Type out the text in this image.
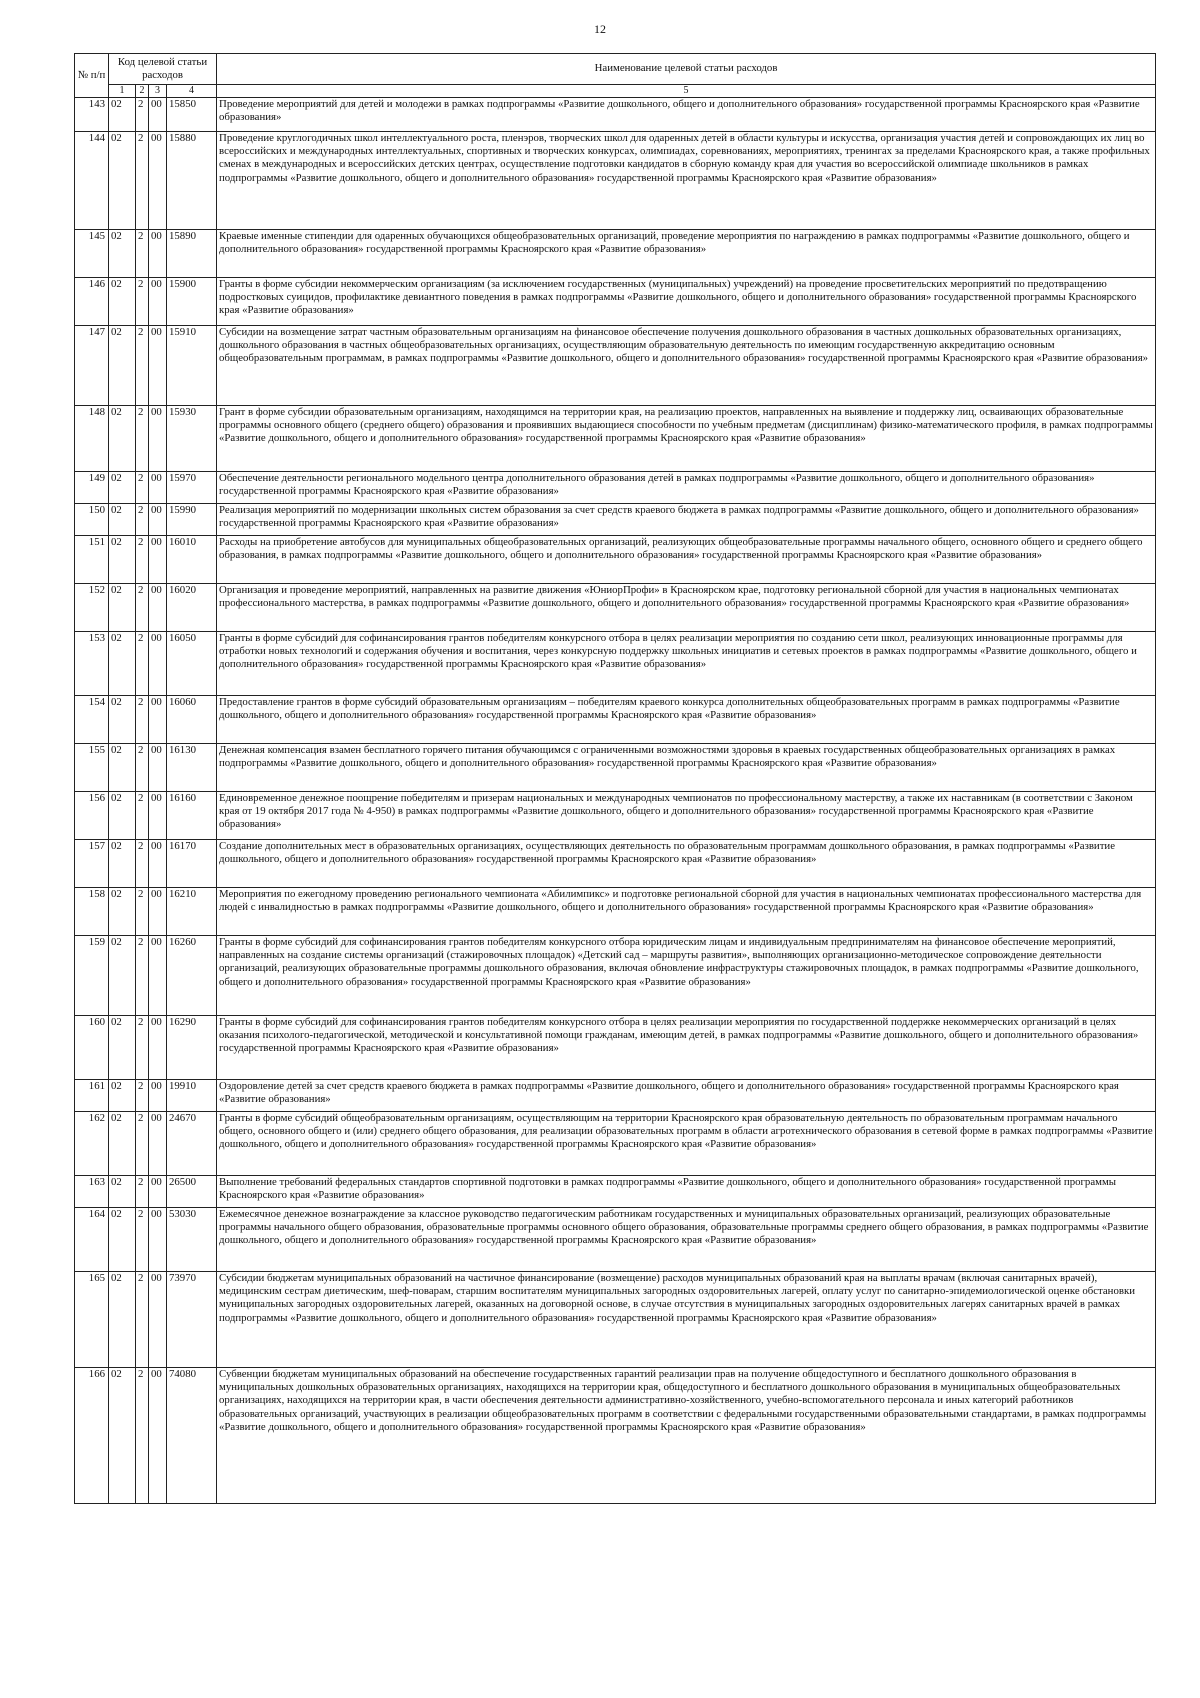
12
№ п/п	Код целевой статьи расходов				Наименование целевой статьи расходов
	1	2	3	4	5
143	02	2	00	15850	Проведение мероприятий для детей и молодежи в рамках подпрограммы «Развитие дошкольного, общего и дополнительного образования» государственной программы Красноярского края «Развитие образования»
144	02	2	00	15880	Проведение круглогодичных школ интеллектуального роста, пленэров, творческих школ для одаренных детей в области культуры и искусства, организация участия детей и сопровождающих их лиц во всероссийских и международных интеллектуальных, спортивных и творческих конкурсах, олимпиадах, соревнованиях, мероприятиях, тренингах за пределами Красноярского края, а также профильных сменах в международных и всероссийских детских центрах, осуществление подготовки кандидатов в сборную команду края для участия во всероссийской олимпиаде школьников в рамках подпрограммы «Развитие дошкольного, общего и дополнительного образования» государственной программы Красноярского края «Развитие образования»
145	02	2	00	15890	Краевые именные стипендии для одаренных обучающихся общеобразовательных организаций, проведение мероприятия по награждению в рамках подпрограммы «Развитие дошкольного, общего и дополнительного образования» государственной программы Красноярского края «Развитие образования»
146	02	2	00	15900	Гранты в форме субсидии некоммерческим организациям (за исключением государственных (муниципальных) учреждений) на проведение просветительских мероприятий по предотвращению подростковых суицидов, профилактике девиантного поведения в рамках подпрограммы «Развитие дошкольного, общего и дополнительного образования» государственной программы Красноярского края «Развитие образования»
147	02	2	00	15910	Субсидии на возмещение затрат частным образовательным организациям на финансовое обеспечение получения дошкольного образования в частных дошкольных образовательных организациях, дошкольного образования в частных общеобразовательных организациях, осуществляющим образовательную деятельность по имеющим государственную аккредитацию основным общеобразовательным программам, в рамках подпрограммы «Развитие дошкольного, общего и дополнительного образования» государственной программы Красноярского края «Развитие образования»
148	02	2	00	15930	Грант в форме субсидии образовательным организациям, находящимся на территории края, на реализацию проектов, направленных на выявление и поддержку лиц, осваивающих образовательные программы основного общего (среднего общего) образования и проявивших выдающиеся способности по учебным предметам (дисциплинам) физико-математического профиля, в рамках подпрограммы «Развитие дошкольного, общего и дополнительного образования» государственной программы Красноярского края «Развитие образования»
149	02	2	00	15970	Обеспечение деятельности регионального модельного центра дополнительного образования детей в рамках подпрограммы «Развитие дошкольного, общего и дополнительного образования» государственной программы Красноярского края «Развитие образования»
150	02	2	00	15990	Реализация мероприятий по модернизации школьных систем образования за счет средств краевого бюджета в рамках подпрограммы «Развитие дошкольного, общего и дополнительного образования» государственной программы Красноярского края «Развитие образования»
151	02	2	00	16010	Расходы на приобретение автобусов для муниципальных общеобразовательных организаций, реализующих общеобразовательные программы начального общего, основного общего и среднего общего образования, в рамках подпрограммы «Развитие дошкольного, общего и дополнительного образования» государственной программы Красноярского края «Развитие образования»
152	02	2	00	16020	Организация и проведение мероприятий, направленных на развитие движения «ЮниорПрофи» в Красноярском крае, подготовку региональной сборной для участия в национальных чемпионатах профессионального мастерства, в рамках подпрограммы «Развитие дошкольного, общего и дополнительного образования» государственной программы Красноярского края «Развитие образования»
153	02	2	00	16050	Гранты в форме субсидий для софинансирования грантов победителям конкурсного отбора в целях реализации мероприятия по созданию сети школ, реализующих инновационные программы для отработки новых технологий и содержания обучения и воспитания, через конкурсную поддержку школьных инициатив и сетевых проектов в рамках подпрограммы «Развитие дошкольного, общего и дополнительного образования» государственной программы Красноярского края «Развитие образования»
154	02	2	00	16060	Предоставление грантов в форме субсидий образовательным организациям – победителям краевого конкурса дополнительных общеобразовательных программ в рамках подпрограммы «Развитие дошкольного, общего и дополнительного образования» государственной программы Красноярского края «Развитие образования»
155	02	2	00	16130	Денежная компенсация взамен бесплатного горячего питания обучающимся с ограниченными возможностями здоровья в краевых государственных общеобразовательных организациях в рамках подпрограммы «Развитие дошкольного, общего и дополнительного образования» государственной программы Красноярского края «Развитие образования»
156	02	2	00	16160	Единовременное денежное поощрение победителям и призерам национальных и международных чемпионатов по профессиональному мастерству, а также их наставникам (в соответствии с Законом края от 19 октября 2017 года № 4-950) в рамках подпрограммы «Развитие дошкольного, общего и дополнительного образования» государственной программы Красноярского края «Развитие образования»
157	02	2	00	16170	Создание дополнительных мест в образовательных организациях, осуществляющих деятельность по образовательным программам дошкольного образования, в рамках подпрограммы «Развитие дошкольного, общего и дополнительного образования» государственной программы Красноярского края «Развитие образования»
158	02	2	00	16210	Мероприятия по ежегодному проведению регионального чемпионата «Абилимпикс» и подготовке региональной сборной для участия в национальных чемпионатах профессионального мастерства для людей с инвалидностью в рамках подпрограммы «Развитие дошкольного, общего и дополнительного образования» государственной программы Красноярского края «Развитие образования»
159	02	2	00	16260	Гранты в форме субсидий для софинансирования грантов победителям конкурсного отбора юридическим лицам и индивидуальным предпринимателям на финансовое обеспечение мероприятий, направленных на создание системы организаций (стажировочных площадок) «Детский сад – маршруты развития», выполняющих организационно-методическое сопровождение деятельности организаций, реализующих образовательные программы дошкольного образования, включая обновление инфраструктуры стажировочных площадок, в рамках подпрограммы «Развитие дошкольного, общего и дополнительного образования» государственной программы Красноярского края «Развитие образования»
160	02	2	00	16290	Гранты в форме субсидий для софинансирования грантов победителям конкурсного отбора в целях реализации мероприятия по государственной поддержке некоммерческих организаций в целях оказания психолого-педагогической, методической и консультативной помощи гражданам, имеющим детей, в рамках подпрограммы «Развитие дошкольного, общего и дополнительного образования» государственной программы Красноярского края «Развитие образования»
161	02	2	00	19910	Оздоровление детей за счет средств краевого бюджета в рамках подпрограммы «Развитие дошкольного, общего и дополнительного образования» государственной программы Красноярского края «Развитие образования»
162	02	2	00	24670	Гранты в форме субсидий общеобразовательным организациям, осуществляющим на территории Красноярского края образовательную деятельность по образовательным программам начального общего, основного общего и (или) среднего общего образования, для реализации образовательных программ в области агротехнического образования в сетевой форме в рамках подпрограммы «Развитие дошкольного, общего и дополнительного образования» государственной программы Красноярского края «Развитие образования»
163	02	2	00	26500	Выполнение требований федеральных стандартов спортивной подготовки в рамках подпрограммы «Развитие дошкольного, общего и дополнительного образования» государственной программы Красноярского края «Развитие образования»
164	02	2	00	53030	Ежемесячное денежное вознаграждение за классное руководство педагогическим работникам государственных и муниципальных образовательных организаций, реализующих образовательные программы начального общего образования, образовательные программы основного общего образования, образовательные программы среднего общего образования, в рамках подпрограммы «Развитие дошкольного, общего и дополнительного образования» государственной программы Красноярского края «Развитие образования»
165	02	2	00	73970	Субсидии бюджетам муниципальных образований на частичное финансирование (возмещение) расходов муниципальных образований края на выплаты врачам (включая санитарных врачей), медицинским сестрам диетическим, шеф-поварам, старшим воспитателям муниципальных загородных оздоровительных лагерей, оплату услуг по санитарно-эпидемиологической оценке обстановки муниципальных загородных оздоровительных лагерей, оказанных на договорной основе, в случае отсутствия в муниципальных загородных оздоровительных лагерях санитарных врачей в рамках подпрограммы «Развитие дошкольного, общего и дополнительного образования» государственной программы Красноярского края «Развитие образования»
166	02	2	00	74080	Субвенции бюджетам муниципальных образований на обеспечение государственных гарантий реализации прав на получение общедоступного и бесплатного дошкольного образования в муниципальных дошкольных образовательных организациях, находящихся на территории края, общедоступного и бесплатного дошкольного образования в муниципальных общеобразовательных организациях, находящихся на территории края, в части обеспечения деятельности административно-хозяйственного, учебно-вспомогательного персонала и иных категорий работников образовательных организаций, участвующих в реализации общеобразовательных программ в соответствии с федеральными государственными образовательными стандартами, в рамках подпрограммы «Развитие дошкольного, общего и дополнительного образования» государственной программы Красноярского края «Развитие образования»
